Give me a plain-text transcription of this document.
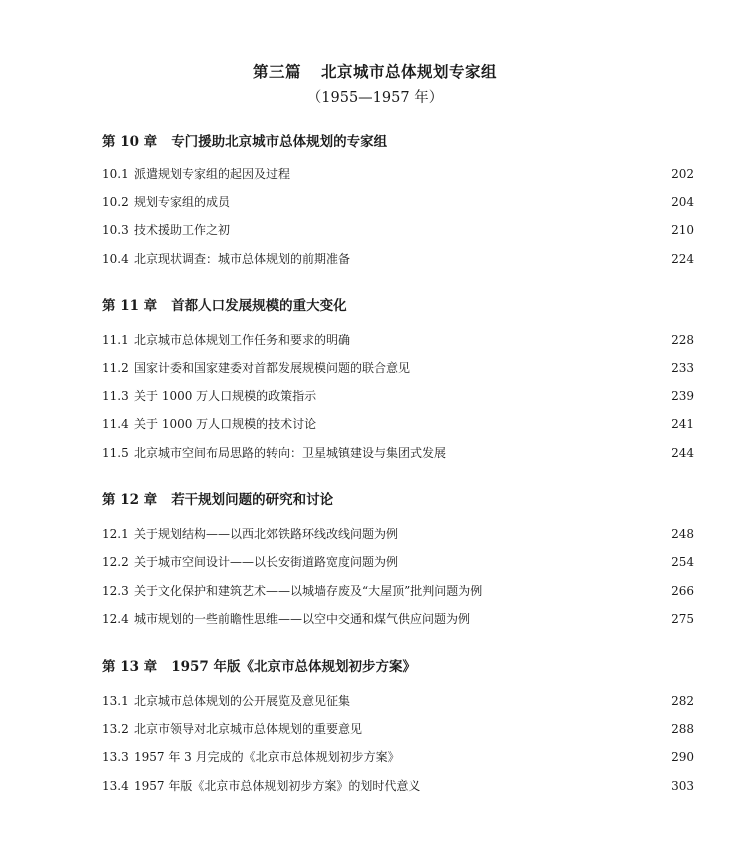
第三篇 北京城市总体规划专家组
（1955—1957 年）
第 10 章 专门援助北京城市总体规划的专家组
10.1 派遣规划专家组的起因及过程	202
10.2 规划专家组的成员	204
10.3 技术援助工作之初	210
10.4 北京现状调查：城市总体规划的前期准备	224
第 11 章 首都人口发展规模的重大变化
11.1 北京城市总体规划工作任务和要求的明确	228
11.2 国家计委和国家建委对首都发展规模问题的联合意见	233
11.3 关于 1000 万人口规模的政策指示	239
11.4 关于 1000 万人口规模的技术讨论	241
11.5 北京城市空间布局思路的转向：卫星城镇建设与集团式发展	244
第 12 章 若干规划问题的研究和讨论
12.1 关于规划结构——以西北郊铁路环线改线问题为例	248
12.2 关于城市空间设计——以长安街道路宽度问题为例	254
12.3 关于文化保护和建筑艺术——以城墙存废及“大屋顶”批判问题为例	266
12.4 城市规划的一些前瞻性思维——以空中交通和煤气供应问题为例	275
第 13 章 1957 年版《北京市总体规划初步方案》
13.1 北京城市总体规划的公开展览及意见征集	282
13.2 北京市领导对北京城市总体规划的重要意见	288
13.3 1957 年 3 月完成的《北京市总体规划初步方案》	290
13.4 1957 年版《北京市总体规划初步方案》的划时代意义	303
